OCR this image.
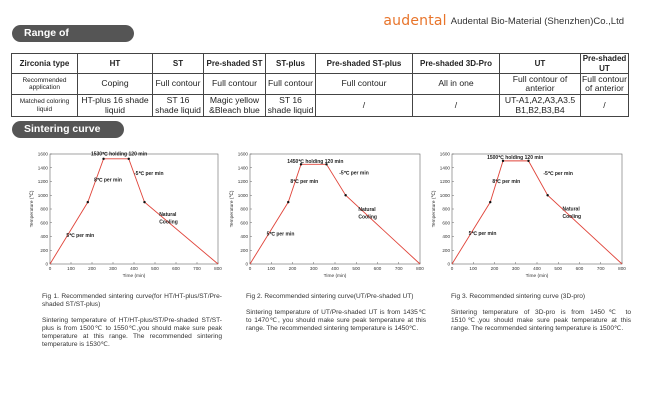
audental Audental Bio-Material (Shenzhen)Co.,Ltd
Range of application
Zirconia type	HT	ST	Pre-shaded ST	ST-plus	Pre-shaded ST-plus	Pre-shaded 3D-Pro	UT	Pre-shaded UT
Recommended application	Coping	Full contour	Full contour	Full contour	Full contour	All in one	Full contour of anterior	Full contour of anterior
Matched coloring liquid	HT-plus 16 shade liquid	ST 16 shade liquid	Magic yellow &Bleach blue	ST 16 shade liquid	/	/	UT-A1,A2,A3,A3.5 B1,B2,B3,B4	/
Sintering curve
0	100	200	300	400	500	600	700	800
0
200
400
600
800
1000
1200
1400
1600
Time (min)
Temperature (℃)
1530℃ holding 120 min
8℃ per min
-5℃ per min
Natural
Cooling
5℃ per min
0	100	200	300	400	500	600	700	800
0
200
400
600
800
1000
1200
1400
1600
Time (min)
Temperature (℃)
1450℃ holding 120 min
8℃ per min
-5℃ per min
Natural
Cooling
5℃ per min
0	100	200	300	400	500	600	700	800
0
200
400
600
800
1000
1200
1400
1600
Time (min)
Temperature (℃)
1500℃ holding 120 min
8℃ per min
-5℃ per min
Natural
Cooling
5℃ per min

Fig 1. Recommended sintering curve(for HT/HT-plus/ST/Pre-shaded ST/ST-plus)

Sintering temperature of HT/HT-plus/ST/Pre-shaded ST/ST-plus is from 1500℃ to 1550℃,you should make sure peak temperature at this range. The recommended sintering temperature is 1530℃.

Fig 2. Recommended sintering curve(UT/Pre-shaded UT)

Sintering temperature of UT/Pre-shaded UT is from 1435℃ to 1470℃, you should make sure peak temperature at this range. The recommended sintering temperature is 1450℃.

Fig 3. Recommended sintering curve (3D-pro)

Sintering temperature of 3D-pro is from 1450℃ to 1510℃,you should make sure peak temperature at this range. The recommended sintering temperature is 1500℃.
